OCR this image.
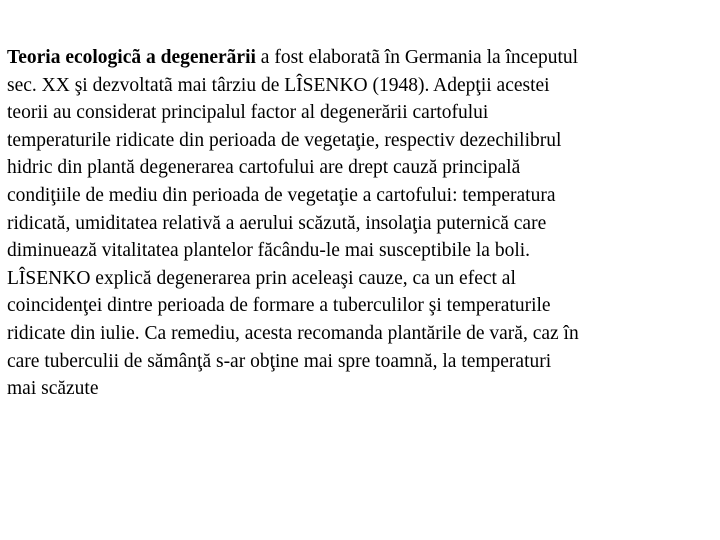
Teoria ecologicã a degenerãrii a fost elaboratã în Germania la începutul
sec. XX şi dezvoltatã mai târziu de LÎSENKO (1948). Adepţii acestei
teorii au considerat principalul factor al degenerării cartofului
temperaturile ridicate din perioada de vegetaţie, respectiv dezechilibrul
hidric din plantă degenerarea cartofului are drept cauză principală
condiţiile de mediu din perioada de vegetaţie a cartofului: temperatura
ridicată, umiditatea relativă a aerului scăzută, insolaţia puternică care
diminuează vitalitatea plantelor făcându-le mai susceptibile la boli.
LÎSENKO explică degenerarea prin aceleaşi cauze, ca un efect al
coincidenţei dintre perioada de formare a tuberculilor şi temperaturile
ridicate din iulie. Ca remediu, acesta recomanda plantările de vară, caz în
care tuberculii de sămânţă s-ar obţine mai spre toamnă, la temperaturi
mai scăzute
